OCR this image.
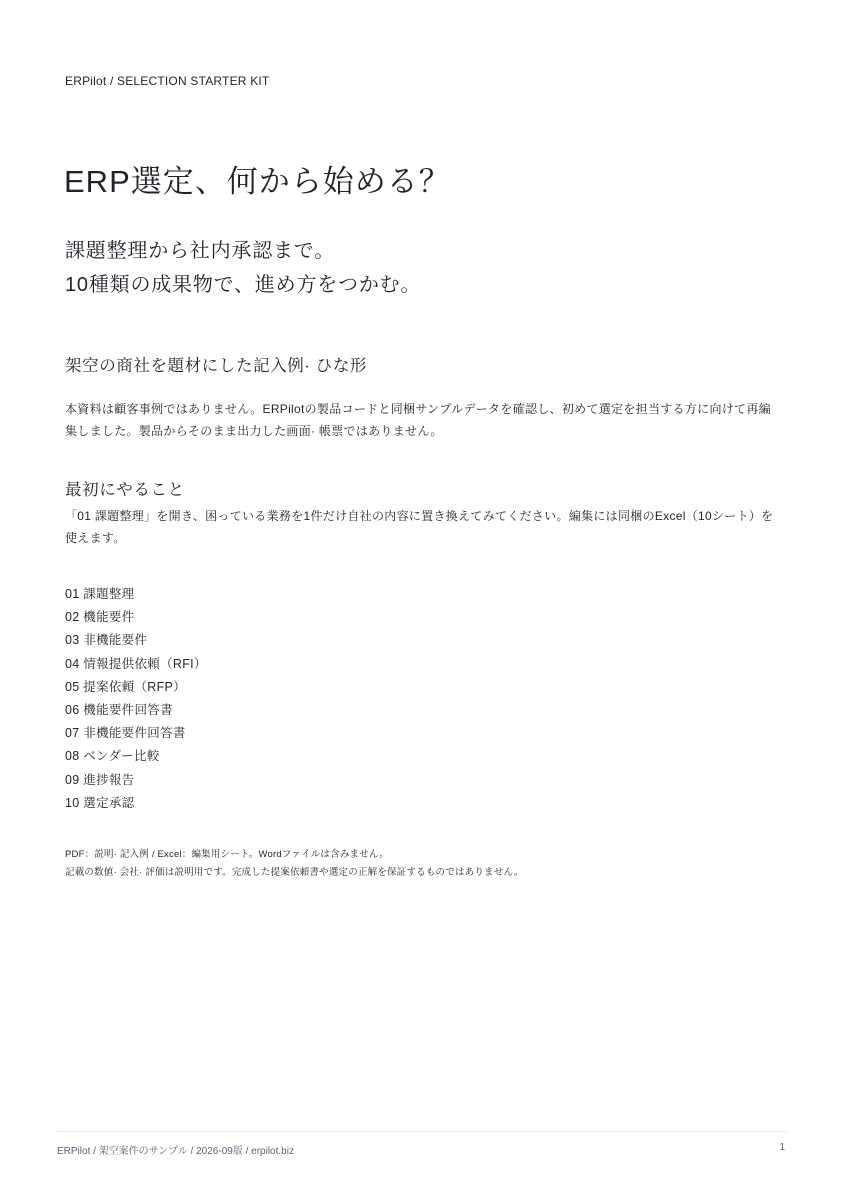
ERPilot / SELECTION STARTER KIT
ERP選定、何から始める？
課題整理から社内承認まで。
10種類の成果物で、進め方をつかむ。
架空の商社を題材にした記入例· ひな形
本資料は顧客事例ではありません。ERPilotの製品コードと同梱サンプルデータを確認し、初めて選定を担当する方に向けて再編集しました。製品からそのまま出力した画面· 帳票ではありません。
最初にやること
「01 課題整理」を開き、困っている業務を1件だけ自社の内容に置き換えてみてください。編集には同梱のExcel（10シート）を使えます。
01 課題整理
02 機能要件
03 非機能要件
04 情報提供依頼（RFI）
05 提案依頼（RFP）
06 機能要件回答書
07 非機能要件回答書
08 ベンダー比較
09 進捗報告
10 選定承認
PDF：説明· 記入例 / Excel：編集用シート。Wordファイルは含みません。
記載の数値· 会社· 評価は説明用です。完成した提案依頼書や選定の正解を保証するものではありません。
ERPilot / 架空案件のサンプル / 2026-09版 / erpilot.biz	1
